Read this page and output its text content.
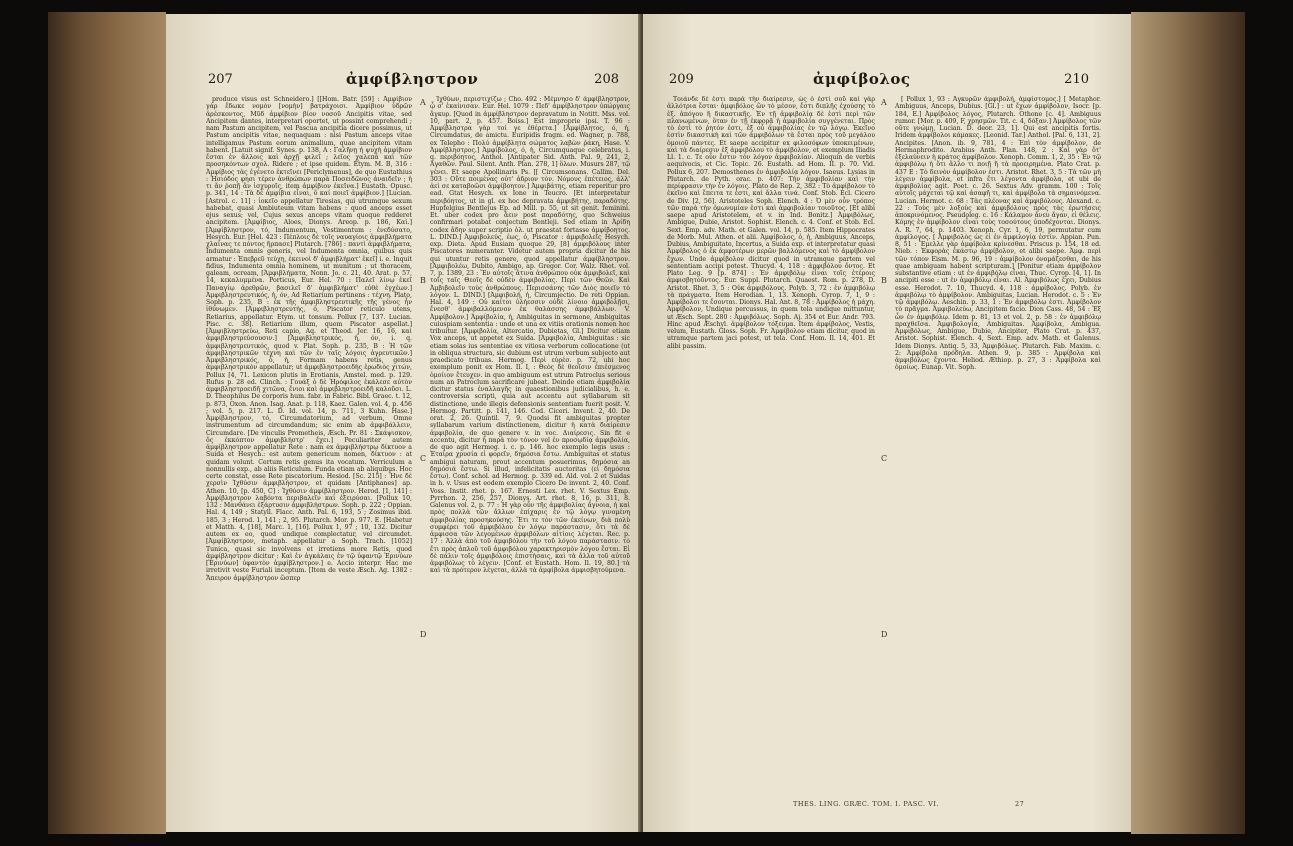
207	ἀμφίβληστρον	208

produce visus est Schneidero.] [[Hom. Batr. [59] : Ἀμφίβιον γάρ ἔδωκε νομὸν [νομὴν] βατράχοισι. Ἀμφίβιον ὑδρῶν ἀρέσκοντος, Μῦδ ἀμφίβιον βίον νοσοῦ Ancipitis vitae, sed Ancipitem dantes, interpretari oportet, ut possint comprehendi ; nam Pastum ancipitem, vel Pascua ancipitia dicere possimus, ut Pastum ancipitis vitae, nequaquam : nisi Pastum anceps vitae intelligamus Pastum eorum animalium, quae ancipitem vitam habent. [Latuit signif. Synes. p. 138, A : Γαλῆνῃ ἡ ψυχὴ ἀμφίβιον ἔσται ἐν ἄλλοις καὶ ἀρχῇ φιλεῖ ; λεῖος χαλεπὰ καὶ τῶν προσηκόντων σχολ. Ridere ; et ipse quidem. Etym. M. Β, 316 : Ἀμφίβιος τὰς ἐγένετο ἐκτεῖνει [Periclymenus], de quo Eustathius : Ἡσιόδος φησι τέρεν ἀνθρώπων παρὰ Ποσειδῶνος ἀναιδεῖν ; ἡ τι ἄν ῥοπῇ ἄν ἰσχυροῖς, item ἀμφίβιον ἐκεῖνα.] Eustath. Opusc. p. 341, 14 : Τὰ δὲ ἀμφίβια εἶναι, ὅ καί ποιεῖ ἀμφίβιον.] [Lucian. [Astrol. c. 11] : ἰοκεῖο appellatur Tiresias, qui utrumque sexum habebat, quasi Ambiuteum vitam habens : quod anceps esset ejus sexus; vel, Cujus sexus anceps vitam quoque redderet ancipitem. [Ἀμφίβιος, Aloes, Dionys. Areop. p. 186, Καὶ.] [Ἀμφίβληστρον, τό, Indumentum, Vestimentum : ἐνεδύσατο, Hesych. Eur. [Hel. 423 : Πέπλοις δὲ τοῖς ναυαγίοις ἀμφιβλήματα χλαίνας τε πόντος ἥρπασε] Plutarch. [786] : παντὶ ἀμφιβλήματα, Indumenta omnis generis, vel Indumenta omnia, quibus quis armatur : Ἐπεβρεῦ τεύχη, ἐκεινοὶ δ' ἀμφιβλήματ' ἐκεῖ] i. e. Inquit fidius, Indumenta omnia hominem, ut munitum ; ut thoracem, galeam, ocream, [Ἀμφιβλήματα, Nonn. Jo. c. 21, 40. Arat. p. 57, 14, κεκαλυμμένα. Porticus, Eur. Hel. 70 : Παλεῖ λίνῳ ἐκεῖ Παναγίῳ ἀρεθρῶν, βασιλεῖ δ' ἀμφιβλήματ' εὐθὲ ἐγχέων.] Ἀμφιβληστρευτικός, ἡ, όν, Ad Retiarium pertinens : τέχνη. Plato, Soph. p. 235, B : ἐκ τῆς ἀμφιβληστρευτικῆς τῆς γένος ἦν ἰθύνωμεν. [Ἀμφιβληστρευτής, ὁ, Piscator reticulo utens, Retiarius, appellatur. Etym. ut tonsum. Pollux [7, 137. Lucian. Pisc. c. 38]. Retiarium illum, quem Piscator aspellat.] [Ἀμφιβληστρεύω, Reti capio, Aq. et Theod. Jer. 16, 16, καὶ ἀμφιβληστρεύσουσιν.] [Ἀμφιβληστρικός, ἡ, όν, i. q. ἀμφιβληστρευτικός, quod v. Plat. Soph. p. 235, B : Ἡ τῶν ἀμφιβληστρικῶν τέχνη καὶ τῶν ἐν ταῖς λόγοις ἀγρευτικῶν.] Ἀμφιβληστρικός, ὁ, ἡ, Formam habens retis, genus ἀμφιβληστρικὸν appellatur; ut ἀμφιβληστροειδὴς ἐρωδιὸς χιτών, Pollux [4, 71. Lexicon plutis in Erotianis, Amstel. med. p. 129. Rufus p. 28 ed. Clinch. : Γουάξ ὁ δὲ Ἡρόφιλος ἐκάλεσε αὐτὸν ἀμφιβληστροειδῆ χιτῶνα, ἔνιοι καὶ ἀμφιβληστροειδῆ καλοῦσι. L. D. Theophilus De corporis hum. fabr. in Fabric. Bibl. Graec. t. 12, p. 873, Oxon. Anon. Isag. Anat. p. 118, Kaez. Galen. vol. 4, p. 456 ; vol. 5, p. 217. L. D. Id. vol. 14, p. 711, 3 Kuhn. Hase.] Ἀμφίβληστρον, τό, Circumdatorium, ad verbum, Omne instrumentum ad circumdandum; sic enim ab ἀμφιβάλλειν, Circumdare. [De vinculis Prometheis, Æsch. Pr. 81 : Σκάψισκον, ὅς ἐκκόπτον ἀμφιβλήστρ' ἔχει.] Peculiariter autem ἀμφίβληστρον appellatur Rete : nam ex ἀμφιβλήστρῳ δίκτυον a Suida et Hesych.: est autem genericum nomen, δίκτυον : at quidam volunt. Certum retis genus ita vocatum. Verriculum a nonnullis exp., ab aliis Reticulum. Funda etiam ab aliquibus. Hoc certe constat, esse Rete piscatorium. Hesiod. [Sc. 215] : Ἦνε δὲ χερσὶν Ἰχθύσιν ἀμφιβλήστρον, et quidam [Antiphanes] ap. Athen. 10, [p. 450, C] : Ἰχθύσιν ἀμφίβληστρον. Herod. [1, 141] : Ἀμφίβληστρον λαβόντα περιβαλεῖν καὶ ἐξειρύσαι. [Pollux 10, 132 : Μανθάνει ἐξάρτυσιν ἀμφιβλήστρων. Soph. p. 222 ; Oppian. Hal. 4, 149 ; Statyll. Flacc. Anth. Pal. 6, 193, 5 ; Zosimus ibid. 185, 3 ; Herod. 1, 141 ; 2, 95. Plutarch. Mor. p. 977. E. [Habetur et Matth. 4, [18], Marc. 1, [16]. Pollux 1, 97 ; 10, 132. Dicitur autem ex eo, quod undique complectatur, vel circumdet. [Ἀμφίβληστρον, metaph. appellatur a Soph. Trach. [1052] Tunica, quasi sic involvens et irretiens more Retis, quod ἀμφίβληστρον dicitur : Καὶ ἐν ἀγκάλαις ἐν τῷ ὑφαντῷ Ἐρινύων [Ἐρινύων] ὑφαντὸν ἀμφίβληστρον.] e. Accio interpr. Hac me irretivit veste Furiali inceptum. [Item de veste Æsch. Ag. 1382 : Ἄπειρον ἀμφίβληστρον ὥσπερ

A
B
C
D

Ἰχθύων, περιστιχίζω ; Cho. 492 : Μέμνησο δ' ἀμφίβληστρον, ᾧ σ' ἐκαίνισαν. Eur. Hel. 1079 : Πεδ' ἀμφίβληστρον ὑπώργαις ἄγκυρ. [Quod in ἀμφίβληστρον depravatum in Notitt. Mss. vol. 10, part. 2, p. 457. Boiss.] Est improprie ipsi. T. 96 : Ἀμφίβληστρα γὰρ τοί γε ἐθέρετα.] [Ἀμφίβλητος, ό, ἡ, Circumdatus, de amictu. Euripidis fragm. ed. Wagner, p. 788, ex Telepho : Πολύ ἀμφίβλητα σώματος λαβὼν ῥάκη, Hase. V. Ἀμφίβληστρος.] Ἀμφίβολος, ό, ἡ, Circumquaque celebratus, i. q. περιβόητος, Anthol. [Antipater Sid. Anth. Pal. 9, 241, 2, Ἀγαθῶν. Paul. Silent. Anth. Plan. 278, 1] ὅλων. Musurs 287, τῷ γένει. Et saepe Apollinaris Ps. [[ Circumsonans. Callim. Del. 303 : Οὔτε ποιμένας οὐτ' ἀδριον τὸν. Νόμους ἐπέτειος, ἀλλ' ἀεὶ σε καταβοῶσι ἀμφίβοητον.] Ἀμφιβάτης, etiam reperitur pro ead. Gtat Hesych. ex Ione in Teucro. [Et interpretatur περιβόητος, ut in gl. ex hoc depravata ἀμφιβήτης, παραδότης. Hupfelgius Bentlejus Ep. ad Mill. p. 55, ut sit genit. feminini. Et. uber codex pro ἄειν post παραδότης, quo Schweius confirmari potabat conjectum Bentleji. Sed etiam in Ἀρίδη codex ἄδην super scriptio ὁλ. ut praestat fortasse ἀμφίβοητος. L. DIND.] Ἀμφιβολεύς, έως, ὁ, Piscator : ἀμφιβολεῖς Hesych. exp. Dieta. Apud Eusiam quoque 29, [8] ἀμφιβόλους inter Piscatores numeranter. Videtur autem propria dicitur de his qui utuntur retis genere, quod appellatur ἀμφίβληστρον. [Ἀμφιβολέω, Dubito, Ambigo, ap. Gregor. Cor. Walz. Rhet. vol. 7, p. 1389, 23 : Ἔν αὐτοῖς ἄτινα ἀνθρώπου οὐκ ἀμφιβολεῖ, καὶ τοῖς ταῖς Θεοῖς δὲ οὐδὲν ἀμφιβολίας. Περὶ τῶν Θεῶν. Καὶ Ἀμβιβολεῖν τοὺς ἀνθρώπους. Περισσάνης τῶν Διὸς ποιεῖν τὸ λόγον. L. DIND.] [Ἀμφιβολή, ἡ, Circumjectio. De reti Oppian. Hal. 4, 149 : Οὐ καίτοι ὑλήεσσιν οὐδὲ λίνοιο ἀμφιβολῇσι, ἔνεσθ' ἀμφιβαλλόμενον ἐκ θαλάσσης ἀμφιβάλλων. V. Ἀμφίβολον.] Ἀμφίβολία, ἡ, Ambiguitas in sermone, Ambiguitas cuiuspiam sententia : unde et una ex vitiis orationis nomen hoc tribuitur. [Ἀμφιβολία, Altercatio, Dubietas, Gl.] Dicitur etiam Vox anceps, ut appetet ex Suida. [Ἀμφιβολία, Ambiguitas : sic etiam solas ius sententiae ex vitiosa verborum collocatione (ut in obliqua structura, sic dubium est utrum verbum subjecto aut praedicato tribuas. Hermog. Περὶ εὑρέσ. p. 72, ubi hoc exemplum ponit ex Hom. Il. I, : Θεὸς δὲ θεοῖσιν ἐπιέσμενος ὁμοίιον ἔτευχεν. in quo ambiguum est utrum Patroclus serious num an Patroclum sacrificare jubeat. Deinde etiam ἀμφιβολία dicitur status ἐναλλαγῆς in quaestionibus judicialibus, h. e. controversia scripti, quia aut accentu aut syllabarum sit distinctione, unde illegis defensionis sententiam fuerit posit. V. Hermog. Partitt. p. 141, 146. Cod. Ciceri. Invent. 2, 40. De orat. 2, 26. Quintil. 7, 9. Quodsi fit ambiguitas propter syllabarum varium distinctionem, dicitur ἡ κατὰ διαίρεσιν ἀμφιβολία, de quo genere v. in voc. Διαίρεσις. Sin fit e accentu, dicitur ἡ παρὰ τὸν τόνον vel ἐν προσῳδίᾳ ἀμφιβολία, de quo agit Hermog. i. c. p. 146. hoc exemplo legis usus : Ἑταίρα χρυσία εἰ φορεῖν, δημόσια ἔστω. Ambiguitas et status ambigui naturam, prout accentum posuerimus, δημόσια an δημόσιά ἔστω. Si illud, infelicitatis auctoritas (εὶ δημόσια ἔστω). Conf. schol. ad Hermog. p. 339 ed. Ald. vol. 2 et Suidas in h. v. Usus est eodem exemplo Cicero De invent. 2, 40. Conf. Voss. Instit. rhet. p. 167. Ernesti Lex. rhet. V. Sextus Emp. Pyrrhon. 2, 256, 257, Dionys. Art. rhet. 8, 16, p. 311, 8. Galenus vol. 2, p. 77 : Ἡ γὰρ οὖν τῆς ἀμφιβολίας ἄγνοια, ἡ καὶ πρὸς πολλὰ τῶν ἄλλων ἐπίχαρις ἐν τῷ λόγῳ γινομένη ἀμφιβολίας προσηκούσης. Ἔτι τε τὸν τῶν ἐκείνων, διὰ πολὺ συμφέρει τοῦ ἀμφιβόλου ἐν λόγῳ παράστασιν, ὅτι τὰ δὲ ἀμφισσα τῶν λεγομένων ἀμφιβόλων αἰτίοις λέγεται. Rec. p. 17 : Ἀλλὰ ἀπὸ τοῦ ἀμφιβόλου τὴν τοῦ λόγου παράστασιν. τὸ ἔτι πρὸς ἀπλοῦ τοῦ ἀμφιβόλου χαρακτηρισμὸν λόγου ἔσται. Εἰ δὲ πάλιν τοῖς ἀμφιβόλοις ἐπιστήσαις, καὶ τὰ ἄλλα τοῦ αὐτοῦ ἀμφιβόλως τὸ λέγειν. [Conf. et Eustath. Hom. Il. 19, 80.] τὰ καὶ τὰ πρότερον λέγεται, ἀλλὰ τὰ ἀμφίβολα ἀμφισβητούμενα.

209	ἀμφίβολος	210

Τοιάνδε δὲ ἐστι παρὰ τὴν διαίρεσιν, ὡς ὁ ἐστὶ σοῦ καὶ γὰρ ἀλλότρια ἔσται· ἀμφιβόλος ὢν τὸ μέσον, ἔστι διπλῆς ἐχούσης τὸ ἐξ. ἀπόγου ἢ δικαστικῆς. Ἐν τῇ ἀμφιβολίᾳ δὲ ἐστὶ περὶ τῶν πλανωμένων, ὅταν ἐν τῇ ἐκφορᾷ ἡ ἀμφιβολία συγγένεται. Πρὸς τὸ ἐστὶ τὸ ῥητόν ἐστι, ἐξ οὗ ἀμφιβολίας ἐν τῷ λόγῳ. Ἐκεῖνο ἐστὶν δικαστικὴ καὶ τῶν ἀμφιβόλων τὰ ἔσται πρὸς τοῦ μεγάλου ὁμοιοῦ πάντες. Et saepe accipitur ex φιλοσόφων ὑποκειμένων, καὶ τὰ διαίρεσιν ἐξ ἀμφιβόλου τὸ ἀμφίβολον, et exemplum Iliadis Ll. 1. c. Τε οὖν ἔστιν τὸν λόγον ἀμφιβολίαν. Alioquin de verbis aequivocis, et Cic. Topic. 26. Eustath. ad Hom. II. p. 70. Vid. Pollux 6, 207. Demosthenes ἐν ἀμφιβολίᾳ λόγον. Isaeus. Lysias in Plutarch. de Pyth. orac. p. 407: Τὴν ἀμφιβολίαν καὶ τὴν περίφρασιν τὴν ἐν λόγοις. Plato de Rep. 2, 382 : Τὸ ἀμφίβολον τὸ ἐκεῖνο καὶ ἔπειτα τε ἐστι, καὶ ἄλλα τινά. Conf. Stob. Ecl. Cicero de Div. [2, 56]. Aristoteles Soph. Elench. 4 : Ὁ μὲν οὖν τρόπος τῶν παρὰ τὴν ὁμωνυμίαν ἐστι καὶ ἀμφιβολίαν τοιοῦτος. [Et alibi saepe apud Aristotelem, et v. in Ind. Bonitz.] Ἀμφιβόλως, Ambigue, Dubie, Aristot. Sophist. Elench. c. 4. Conf. et Stob. Ecl. Sext. Emp. adv. Math. et Galen. vol. 14, p. 585. Item Hippocrates de Morb. Mul. Athen. et alii. Ἀμφίβολος, ὁ, ἡ, Ambiguus, Anceps, Dubius, Ambiguitate, Incertus, a Suida exp. et interpretatur quasi Ἀμφίβολος ὁ ἐκ ἀμφοτέρων μερῶν βαλλόμενος καὶ τὸ ἀμφίβολον ἔχων. Unde ἀμφίβολον dicitur quod in utramque partem vel sententiam accipi potest. Thucyd. 4, 118 : ἀμφιβόλου ὄντος. Et Plato Leg. 9 [p. 874] : Ἐν ἀμφιβόλῳ εἶναι τοῖς ἐτέροις ἀμφισβητοῦντος. Eur. Suppl. Plutarch. Quaest. Rom. p. 278, D. Aristot. Rhet. 3, 5 : Οὐκ ἀμφιβόλους. Polyb. 3, 72 : ἐν ἀμφιβόλῳ τὰ πράγματα. Item Herodian. 1, 13. Xenoph. Cyrop. 7, 1, 9 : Ἀμφίβολοι τε ἔσονται. Dionys. Hal. Ant. 8, 78 : Ἀμφίβολος ἡ μάχη. Ἀμφίβολον, Undique percussus, in quem tela undique mittuntur, ut Æsch. Sept. 280 : Ἀμφιβόλως. Soph. Aj. 354 et Eur. Andr. 793. Hinc apud Æschyl. ἀμφίβολον τόξευμα. Item ἀμφίβολος, Vestis, velum, Eustath. Gloss. Soph. Fr. Ἀμφίβολον etiam dicitur, quod in utramque partem jaci potest, ut tela. Conf. Hom. Il. 14, 401. Et alibi passim.

A
B
C
D

[ Pollux 1, 93 : Ἀγκυρῶν ἀμφιβολή, ἀμφίστομος.] [ Metaphor. Ambiguus, Anceps, Dubius. [Gl.] : ut ἔχων ἀμφίβολον, Isocr. [p. 184, E.] Ἀμφίβολος λόγος, Plutarch. Othone [c. 4]. Ambiguus rumor. [Mor. p. 409, F, χρησμῶν. Tit. c. 4, δόξαν.] Ἀμφίβολος τῶν οὔτε γνώμῃ, Lucian. D. deor. 23, 1]. Qui est ancipitis fortis. Iridem ἀμφίβολοι κάμακες. [Leonid. Tar.] Anthol. [Pal. 6, 131, 2]. Ancipites. [Anon. ib. 9, 781, 4 : Ἐπὶ τὸν ἀμφίβολον, de Hermaphrodito. Arabius Anth. Plan. 148, 2 : Καὶ γὰρ ὅτ' ἐξελαύνειν ἡ κράτος ἀμφίβολον. Xenoph. Comm. 1, 2, 35 : Ἐν τῷ ἀμφιβόλῳ ἡ ὅτι ἄλλο τι ποιῇ ἢ τὰ προειρημένα. Plato Crat. p. 437 E : Τὸ δεινὸν ἀμφίβολον ἐστι. Aristot. Rhet. 3, 5 : Τὰ τῶν μὴ λέγειν ἀμφίβολα, et infra ἔτι λέγοντα ἀμφίβολα, et ubi de ἀμφιβολίας agit. Poet. c. 26. Sextus Adv. gramm. 100 : Τοῖς αὐτοῖς μάχεται τῷ καὶ ἀσαφῆ τι, καὶ ἀμφίβολα τὰ σημαινόμενα. Lucian. Hermot. c. 68 : Τὰς πλέονας καὶ ἀμφιβόλους. Alexand. c. 22 : Τοὺς μὲν λοξοὺς καὶ ἀμφιβόλους πρὸς τὰς ἐρωτήσεις ἀποκρινόμενος. Pseudoleg. c. 16 : Κάλαμον ἄνευ ἄγαν, εἰ θέλεις. Κόμης ἐν ἀμφίβολον εἶναι τοὺς τοσούτους ὑποδέχονται. Dionys. A. R. 7, 64, p. 1403. Xenoph. Cyr. 1, 6, 19, permutatur cum ἀμφίλογος. [ Ἀμφιβολὸς ὡς εἰ ἐν ἀμφιλογίᾳ ἐστίν. Appian. Pun. 8, 51 : Ἔμελλε γὰρ ἀμφίβολα κρίνεσθαι. Priscus p. 154, 18 ed. Nieb. : Ἐκφορὰς ἐκάστῳ ἀμφίβολον, et alibi saepe. Ἀμφ. περὶ τῶν τόπον Eism. M. p. 96, 19 : ἀμφίβολον ὀνομάζεσθαι, de his quae ambiguam habent scripturam.] [Ponitur etiam ἀμφίβολον substantive etiam : ut ἐν ἀμφιβόλῳ εἶναι, Thuc. Cyrop. [4, 1]. In ancipiti esse : ut ἐν ἀμφιβόλῳ εἶναι. Al. Ἀμφιβόλως ἔχει, Dubius esse. Herodot. 7. 10, Thucyd. 4, 118 : ἀμφίβολος. Polyb. ἐν ἀμφιβόλῳ τὸ ἀμφίβολον. Ambiguitas, Lucian. Herodot. c. 5 : Ἐν τῷ ἀμφιβόλῳ. Aeschin. p. 33, 1 : Ἐν ἀμφιβόλῳ ἐστι. Ἀμφίβολον τὸ πρᾶγμα. Ἀμφιβολεύω, Ancipitem facio. Dion Cass. 48, 54 : Ἐξ ὧν ἐν ἀμφιβόλῳ. Idem p. 81, 13 et vol. 2, p. 58 : ἐν ἀμφιβόλῳ πραχθεῖσα. Ἀμφιβολογία, Ambiguitas. Ἀμφίβολα, Ambigua. Ἀμφιβόλως, Ambigue, Dubie, Ancipiter, Plato Crat. p. 437, Aristot. Sophist. Elench. 4, Sext. Emp. adv. Math. et Galenus. Idem Dionys. Antiq. 5, 33, Ἀμφιβόλως. Plutarch. Fab. Maxim. c. 2: Ἀμφίβολα πρόδηλα. Athen. 9, p. 385 : Ἀμφίβολα καὶ ἀμφιβόλως ἔχοντα. Heliod. Æthiop. p. 27, 3 : Ἀμφίβολα καὶ ὁμοίως. Eunap. Vit. Soph.

THES. LING. GRÆC. TOM. I. PASC. VI.	27
